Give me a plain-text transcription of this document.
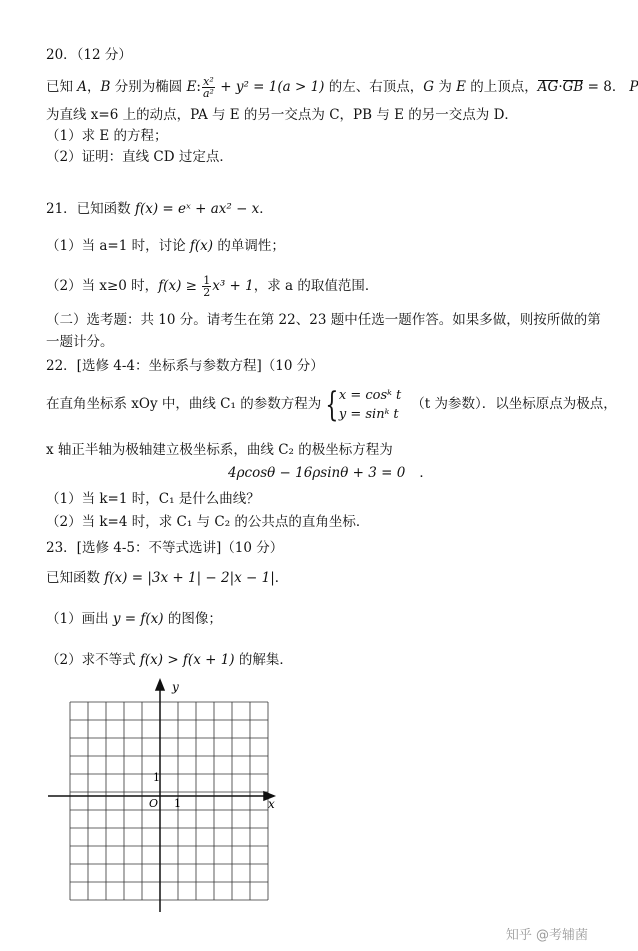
20．（12 分）
已知 A，B 分别为椭圆 E: $\frac{\text{x²}}{\text{a²}} + y^2 = 1(a > 1)$ 的左、右顶点，G 为 E 的上顶点，AG·GB = 8． P
为直线 x=6 上的动点，PA 与 E 的另一交点为 C，PB 与 E 的另一交点为 D．
（1）求 E 的方程；
（2）证明：直线 CD 过定点．
21．已知函数 f(x) = eˣ + ax² − x．
（1）当 a=1 时，讨论 f(x) 的单调性；
（2）当 x≥0 时，$f(x) \ge \frac{1}{2} x^3 + 1$，求 a 的取值范围．
（二）选考题：共 10 分。请考生在第 22、23 题中任选一题作答。如果多做，则按所做的第
一题计分。
22．[选修 4-4：坐标系与参数方程]（10 分）
在直角坐标系 xOy 中，曲线 C₁ 的参数方程为 { x = cosᵏ t
y = sinᵏ t
（t 为参数）．以坐标原点为极点，
x 轴正半轴为极轴建立极坐标系，曲线 C₂ 的极坐标方程为
4ρcosθ − 16ρsinθ + 3 = 0 ．
（1）当 k=1 时，C₁ 是什么曲线？
（2）当 k=4 时，求 C₁ 与 C₂ 的公共点的直角坐标．
23．[选修 4-5：不等式选讲]（10 分）
已知函数 f(x) = |3x + 1| − 2|x − 1|．
（1）画出 y = f(x) 的图像；
（2）求不等式 f(x) > f(x + 1) 的解集．
y
x
O 1
1
知乎 @考辅菌
